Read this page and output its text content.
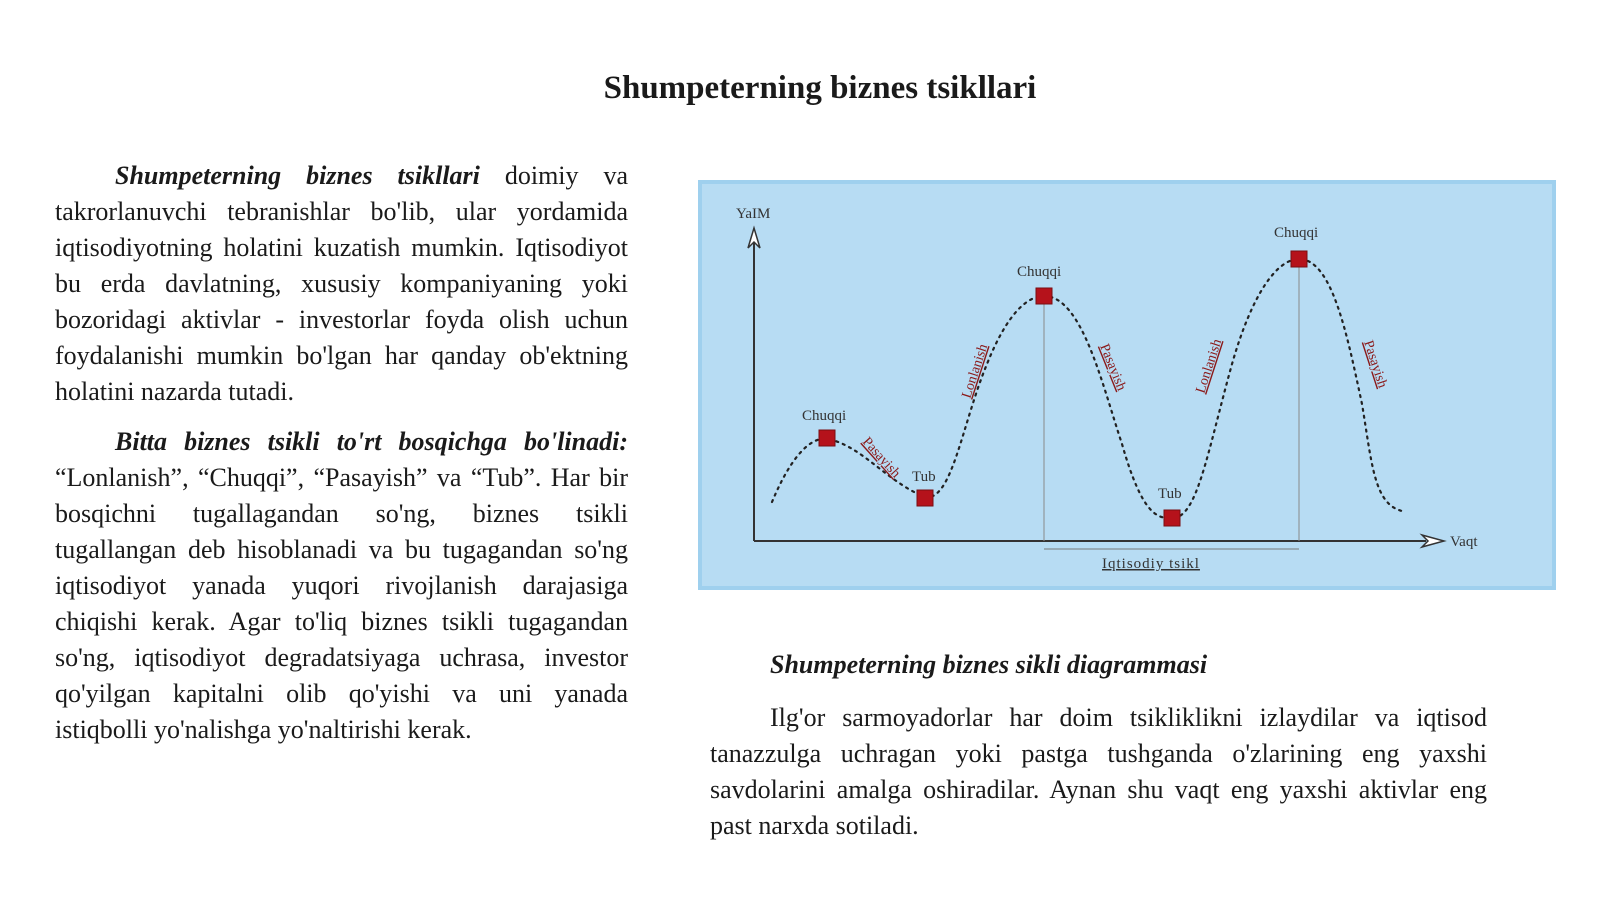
Shumpeterning biznes tsikllari

Shumpeterning biznes tsikllari doimiy va takrorlanuvchi tebranishlar bo'lib, ular yordamida iqtisodiyotning holatini kuzatish mumkin. Iqtisodiyot bu erda davlatning, xususiy kompaniyaning yoki bozoridagi aktivlar - investorlar foyda olish uchun foydalanishi mumkin bo'lgan har qanday ob'ektning holatini nazarda tutadi.

Bitta biznes tsikli to'rt bosqichga bo'linadi: “Lonlanish”, “Chuqqi”, “Pasayish” va “Tub”. Har bir bosqichni tugallagandan so'ng, biznes tsikli tugallangan deb hisoblanadi va bu tugagandan so'ng iqtisodiyot yanada yuqori rivojlanish darajasiga chiqishi kerak. Agar to'liq biznes tsikli tugagandan so'ng, iqtisodiyot degradatsiyaga uchrasa, investor qo'yilgan kapitalni olib qo'yishi va uni yanada istiqbolli yo'nalishga yo'naltirishi kerak.

YaIM
Vaqt
Iqtisodiy tsikl
Chuqqi
Tub
Chuqqi
Tub
Chuqqi
Pasayish
Lonlanish	Pasayish	Lonlanish	Pasayish

Shumpeterning biznes sikli diagrammasi

Ilg'or sarmoyadorlar har doim tsikliklikni izlaydilar va iqtisod tanazzulga uchragan yoki pastga tushganda o'zlarining eng yaxshi savdolarini amalga oshiradilar. Aynan shu vaqt eng yaxshi aktivlar eng past narxda sotiladi.
